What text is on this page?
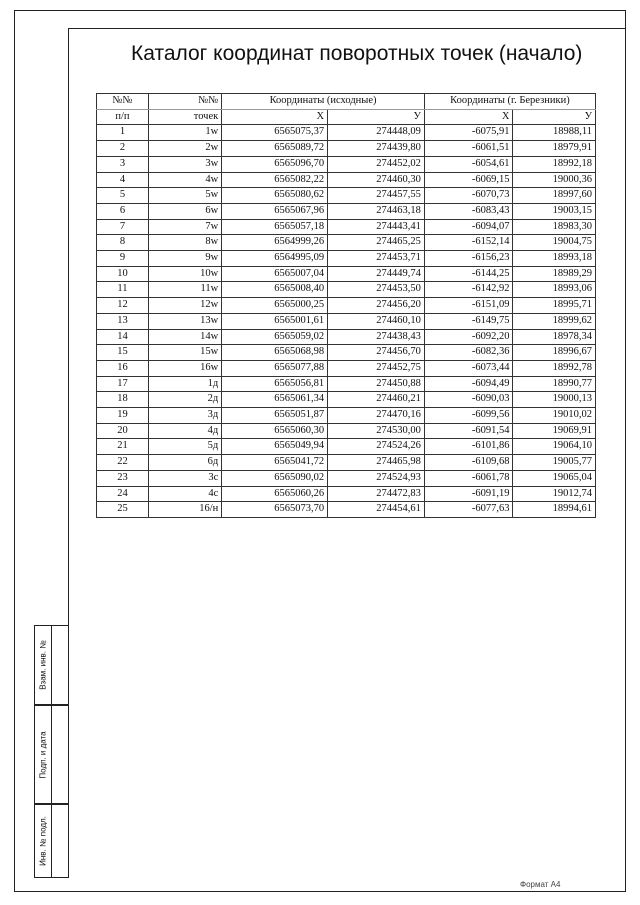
Каталог координат поворотных точек (начало)
№№	№№	Координаты (исходные)		Координаты (г. Березники)	
п/п	точек	Х	У	Х	У
1	1w	6565075,37	274448,09	-6075,91	18988,11
2	2w	6565089,72	274439,80	-6061,51	18979,91
3	3w	6565096,70	274452,02	-6054,61	18992,18
4	4w	6565082,22	274460,30	-6069,15	19000,36
5	5w	6565080,62	274457,55	-6070,73	18997,60
6	6w	6565067,96	274463,18	-6083,43	19003,15
7	7w	6565057,18	274443,41	-6094,07	18983,30
8	8w	6564999,26	274465,25	-6152,14	19004,75
9	9w	6564995,09	274453,71	-6156,23	18993,18
10	10w	6565007,04	274449,74	-6144,25	18989,29
11	11w	6565008,40	274453,50	-6142,92	18993,06
12	12w	6565000,25	274456,20	-6151,09	18995,71
13	13w	6565001,61	274460,10	-6149,75	18999,62
14	14w	6565059,02	274438,43	-6092,20	18978,34
15	15w	6565068,98	274456,70	-6082,36	18996,67
16	16w	6565077,88	274452,75	-6073,44	18992,78
17	1д	6565056,81	274450,88	-6094,49	18990,77
18	2д	6565061,34	274460,21	-6090,03	19000,13
19	3д	6565051,87	274470,16	-6099,56	19010,02
20	4д	6565060,30	274530,00	-6091,54	19069,91
21	5д	6565049,94	274524,26	-6101,86	19064,10
22	6д	6565041,72	274465,98	-6109,68	19005,77
23	3с	6565090,02	274524,93	-6061,78	19065,04
24	4с	6565060,26	274472,83	-6091,19	19012,74
25	16/н	6565073,70	274454,61	-6077,63	18994,61
Взам. инв. №
Подп. и дата
Инв. № подл.
Формат А4
